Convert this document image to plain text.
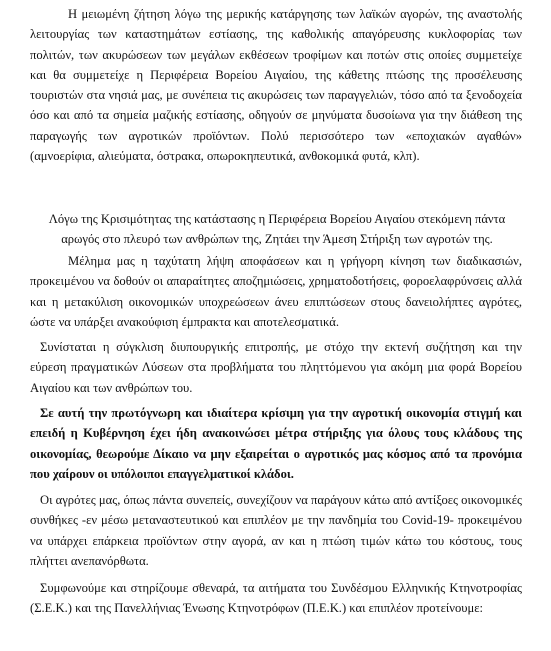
Η μειωμένη ζήτηση λόγω της μερικής κατάργησης των λαϊκών αγορών, της αναστολής λειτουργίας των καταστημάτων εστίασης, της καθολικής απαγόρευσης κυκλοφορίας των πολιτών, των ακυρώσεων των μεγάλων εκθέσεων τροφίμων και ποτών στις οποίες συμμετείχε και θα συμμετείχε η Περιφέρεια Βορείου Αιγαίου, της κάθετης πτώσης της προσέλευσης τουριστών στα νησιά μας, με συνέπεια τις ακυρώσεις των παραγγελιών, τόσο από τα ξενοδοχεία όσο και από τα σημεία μαζικής εστίασης, οδηγούν σε μηνύματα δυσοίωνα για την διάθεση της παραγωγής των αγροτικών προϊόντων. Πολύ περισσότερο των «εποχιακών αγαθών» (αμνοερίφια, αλιεύματα, όστρακα, οπωροκηπευτικά, ανθοκομικά φυτά, κλπ).

Λόγω της Κρισιμότητας της κατάστασης η Περιφέρεια Βορείου Αιγαίου στεκόμενη πάντα αρωγός στο πλευρό των ανθρώπων της, Ζητάει την Άμεση Στήριξη των αγροτών της.

Μέλημα μας η ταχύτατη λήψη αποφάσεων και η γρήγορη κίνηση των διαδικασιών, προκειμένου να δοθούν οι απαραίτητες αποζημιώσεις, χρηματοδοτήσεις, φοροελαφρύνσεις αλλά και η μετακύλιση οικονομικών υποχρεώσεων άνευ επιπτώσεων στους δανειολήπτες αγρότες, ώστε να υπάρξει ανακούφιση έμπρακτα και αποτελεσματικά.

Συνίσταται η σύγκλιση διυπουργικής επιτροπής, με στόχο την εκτενή συζήτηση και την εύρεση πραγματικών Λύσεων στα προβλήματα του πληττόμενου για ακόμη μια φορά Βορείου Αιγαίου και των ανθρώπων του.

Σε αυτή την πρωτόγνωρη και ιδιαίτερα κρίσιμη για την αγροτική οικονομία στιγμή και επειδή η Κυβέρνηση έχει ήδη ανακοινώσει μέτρα στήριξης για όλους τους κλάδους της οικονομίας, θεωρούμε Δίκαιο να μην εξαιρείται ο αγροτικός μας κόσμος από τα προνόμια που χαίρουν οι υπόλοιποι επαγγελματικοί κλάδοι.

Οι αγρότες μας, όπως πάντα συνεπείς, συνεχίζουν να παράγουν κάτω από αντίξοες οικονομικές συνθήκες -εν μέσω μεταναστευτικού και επιπλέον με την πανδημία του Covid-19- προκειμένου να υπάρχει επάρκεια προϊόντων στην αγορά, αν και η πτώση τιμών κάτω του κόστους, τους πλήττει ανεπανόρθωτα.

Συμφωνούμε και στηρίζουμε σθεναρά, τα αιτήματα του Συνδέσμου Ελληνικής Κτηνοτροφίας (Σ.Ε.Κ.) και της Πανελλήνιας Ένωσης Κτηνοτρόφων (Π.Ε.Κ.) και επιπλέον προτείνουμε:
